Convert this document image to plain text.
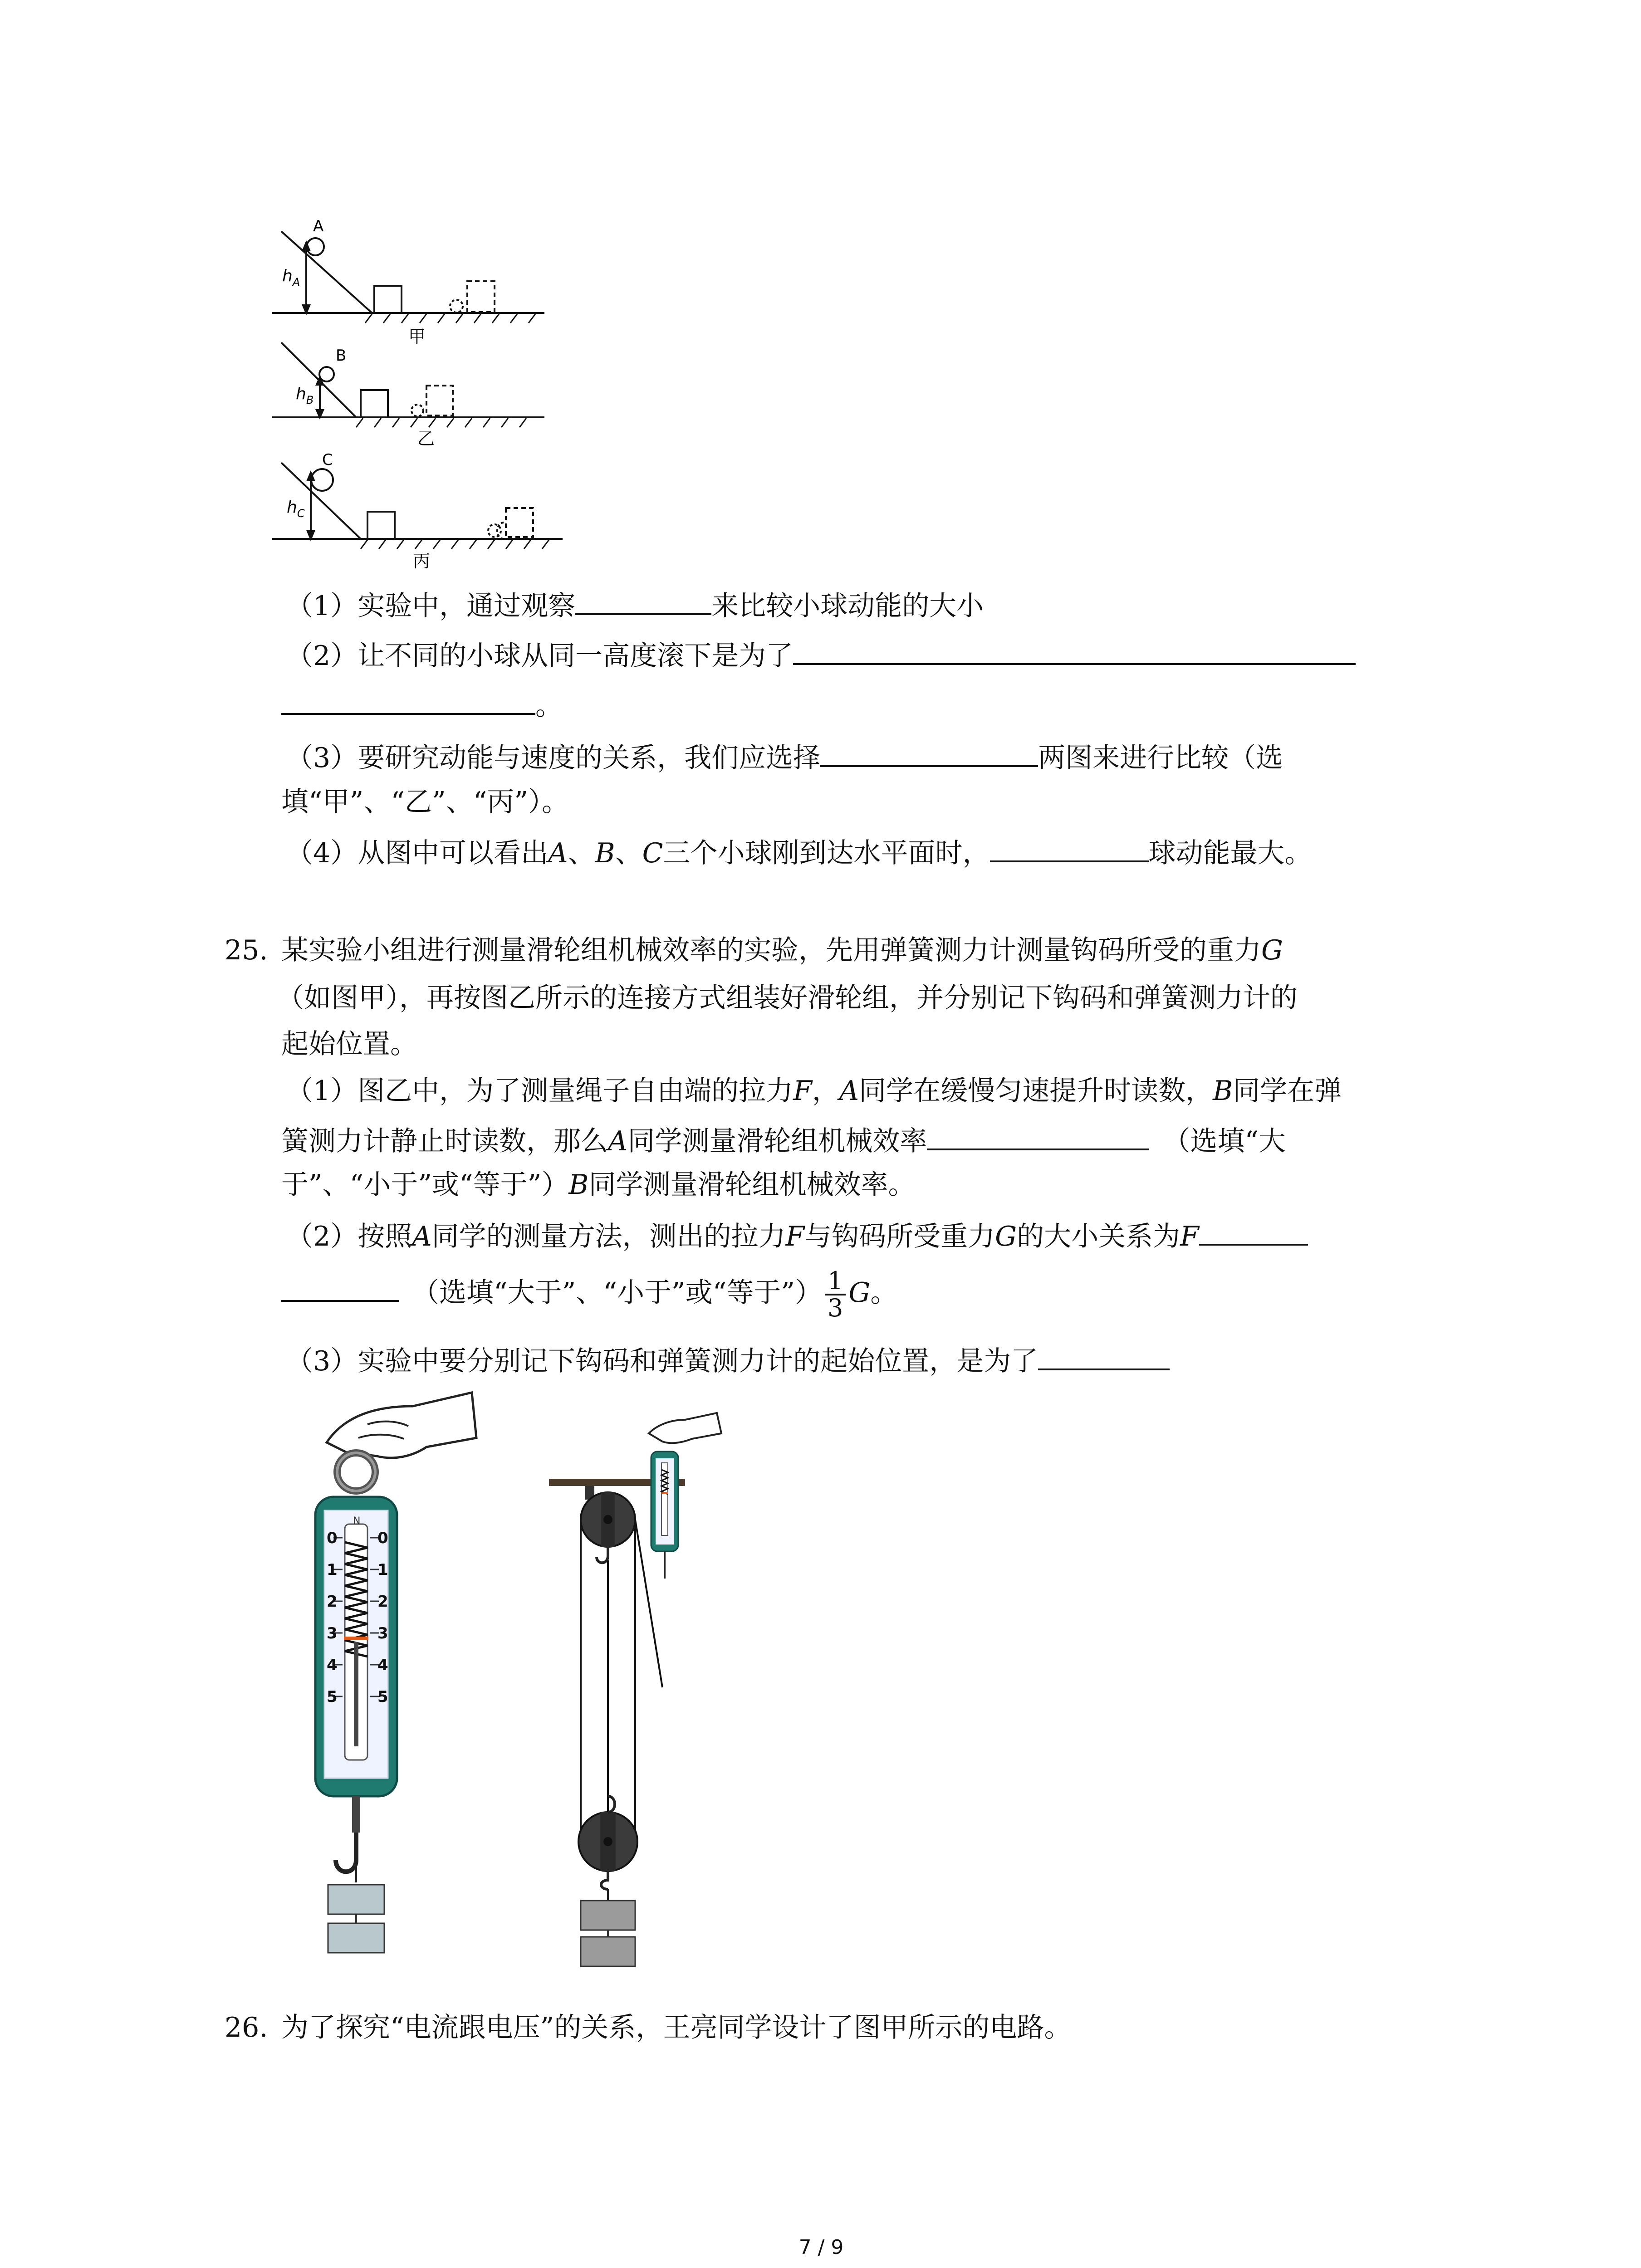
A
B
C
$h_A$
$h_B$
$h_C$
甲
乙
丙
（1）实验中，通过观察	来比较小球动能的大小
（2）让不同的小球从同一高度滚下是为了
。
（3）要研究动能与速度的关系，我们应选择	两图来进行比较（选
填“甲”、“乙”、“丙”）。
（4）从图中可以看出A、B、C三个小球刚到达水平面时，	球动能最大。
25. 某实验小组进行测量滑轮组机械效率的实验，先用弹簧测力计测量钩码所受的重力G
（如图甲），再按图乙所示的连接方式组装好滑轮组，并分别记下钩码和弹簧测力计的
起始位置。
（1）图乙中，为了测量绳子自由端的拉力F，A同学在缓慢匀速提升时读数，B同学在弹
簧测力计静止时读数，那么A同学测量滑轮组机械效率	（选填“大
于”、“小于”或“等于”）B同学测量滑轮组机械效率。
（2）按照A同学的测量方法，测出的拉力F与钩码所受重力G的大小关系为F
（选填“大于”、“小于”或“等于”） $\frac{1}{3}$ G。
（3）实验中要分别记下钩码和弹簧测力计的起始位置，是为了
N
0
1
2
3
4
5
0
1
2
3
4
5
26. 为了探究“电流跟电压”的关系，王亮同学设计了图甲所示的电路。
7 / 9
